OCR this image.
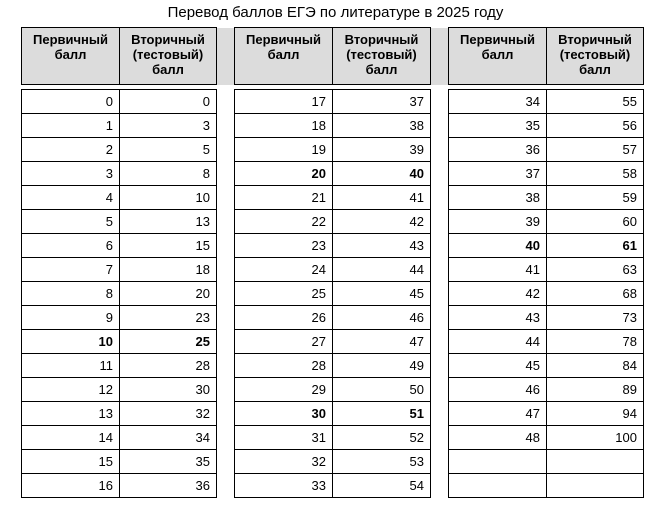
Перевод баллов ЕГЭ по литературе в 2025 году
Первичный балл	Вторичный (тестовый) балл		Первичный балл	Вторичный (тестовый) балл		Первичный балл	Вторичный (тестовый) балл

0	0		17	37		34	55
1	3		18	38		35	56
2	5		19	39		36	57
3	8		20	40		37	58
4	10		21	41		38	59
5	13		22	42		39	60
6	15		23	43		40	61
7	18		24	44		41	63
8	20		25	45		42	68
9	23		26	46		43	73
10	25		27	47		44	78
11	28		28	49		45	84
12	30		29	50		46	89
13	32		30	51		47	94
14	34		31	52		48	100
15	35		32	53			
16	36		33	54			
